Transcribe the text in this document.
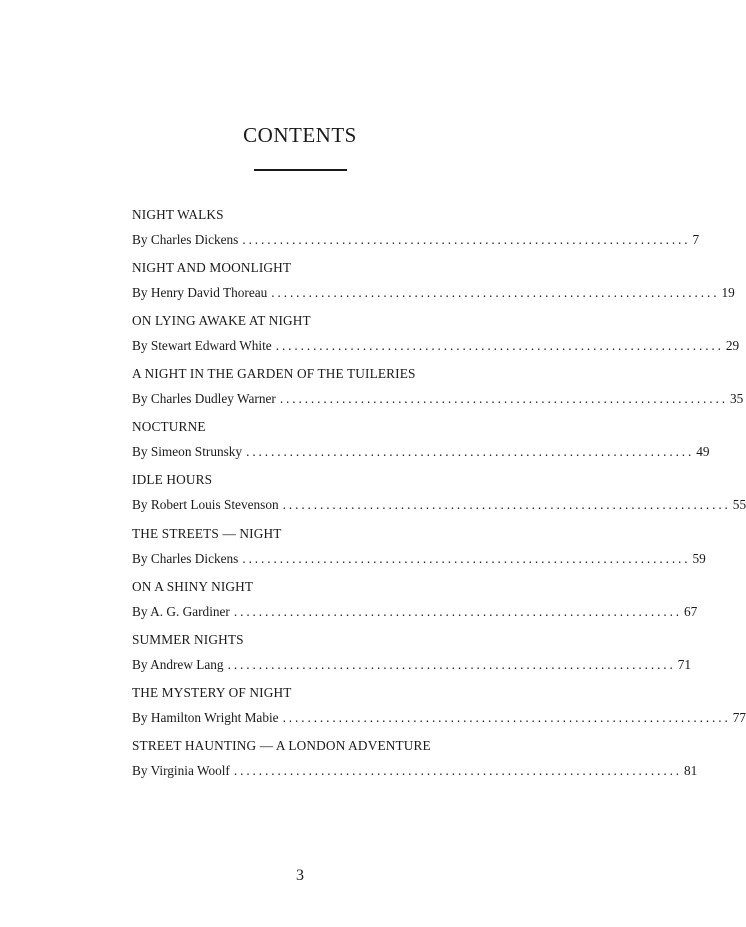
CONTENTS
NIGHT WALKS
By Charles Dickens ........................................................................ 7
NIGHT AND MOONLIGHT
By Henry David Thoreau ........................................................................ 19
ON LYING AWAKE AT NIGHT
By Stewart Edward White ........................................................................ 29
A NIGHT IN THE GARDEN OF THE TUILERIES
By Charles Dudley Warner ........................................................................ 35
NOCTURNE
By Simeon Strunsky ........................................................................ 49
IDLE HOURS
By Robert Louis Stevenson ........................................................................ 55
THE STREETS — NIGHT
By Charles Dickens ........................................................................ 59
ON A SHINY NIGHT
By A. G. Gardiner ........................................................................ 67
SUMMER NIGHTS
By Andrew Lang ........................................................................ 71
THE MYSTERY OF NIGHT
By Hamilton Wright Mabie ........................................................................ 77
STREET HAUNTING — A LONDON ADVENTURE
By Virginia Woolf ........................................................................ 81
3
